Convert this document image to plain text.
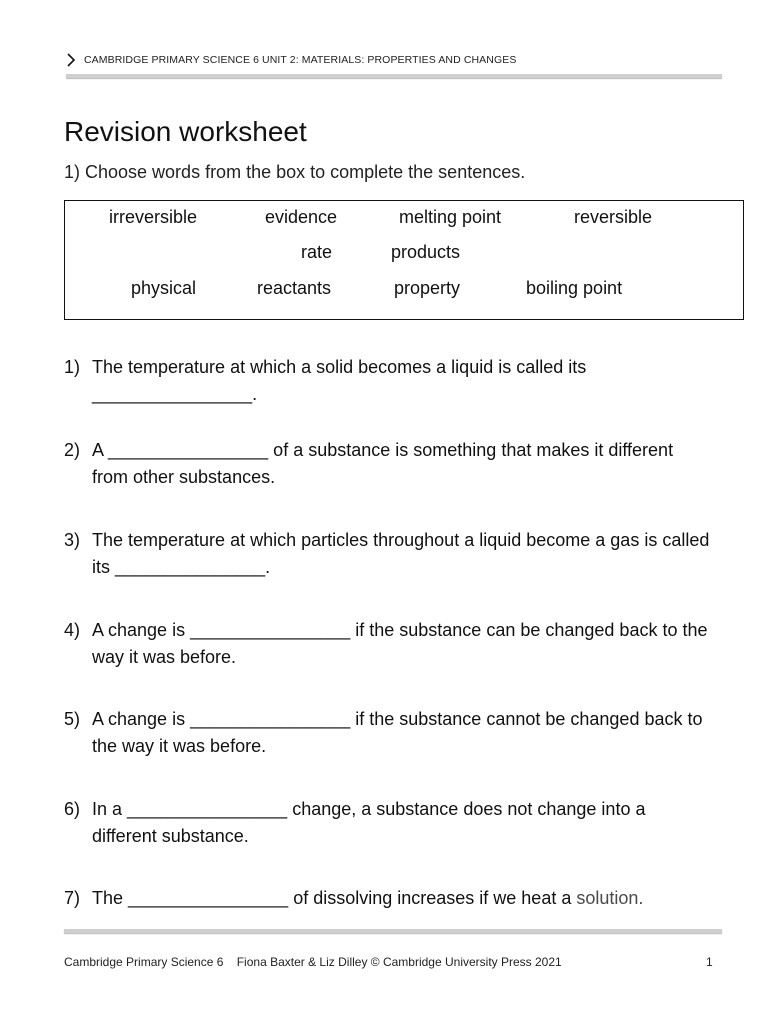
CAMBRIDGE PRIMARY SCIENCE 6 UNIT 2: MATERIALS: PROPERTIES AND CHANGES
Revision worksheet
1) Choose words from the box to complete the sentences.
irreversible	evidence	melting point	reversible
rate	products
physical	reactants	property	boiling point
1) The temperature at which a solid becomes a liquid is called its ________________.
2) A ________________ of a substance is something that makes it different from other substances.
3) The temperature at which particles throughout a liquid become a gas is called its _______________.
4) A change is ________________ if the substance can be changed back to the way it was before.
5) A change is ________________ if the substance cannot be changed back to the way it was before.
6) In a ________________ change, a substance does not change into a different substance.
7) The ________________ of dissolving increases if we heat a solution.
Cambridge Primary Science 6    Fiona Baxter & Liz Dilley © Cambridge University Press 2021	1
